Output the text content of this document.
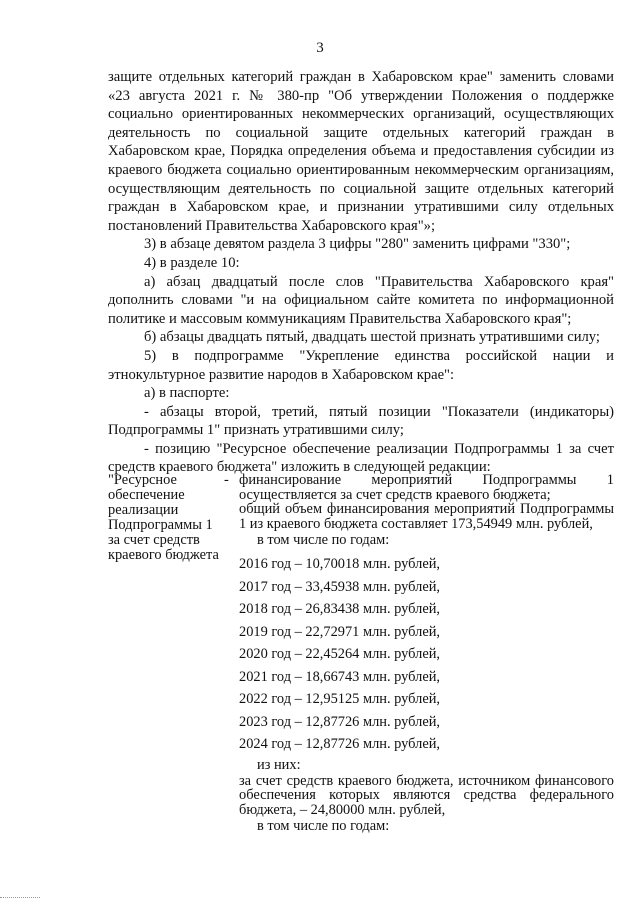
3

защите отдельных категорий граждан в Хабаровском крае" заменить словами «23 августа 2021 г. № 380-пр "Об утверждении Положения о поддержке социально ориентированных некоммерческих организаций, осуществляющих деятельность по социальной защите отдельных категорий граждан в Хабаровском крае, Порядка определения объема и предоставления субсидии из краевого бюджета социально ориентированным некоммерческим организациям, осуществляющим деятельность по социальной защите отдельных категорий граждан в Хабаровском крае, и признании утратившими силу отдельных постановлений Правительства Хабаровского края"»;

3) в абзаце девятом раздела 3 цифры "280" заменить цифрами "330";

4) в разделе 10:

а) абзац двадцатый после слов "Правительства Хабаровского края" дополнить словами "и на официальном сайте комитета по информационной политике и массовым коммуникациям Правительства Хабаровского края";

б) абзацы двадцать пятый, двадцать шестой признать утратившими силу;

5) в подпрограмме "Укрепление единства российской нации и этнокультурное развитие народов в Хабаровском крае":

а) в паспорте:

- абзацы второй, третий, пятый позиции "Показатели (индикаторы) Подпрограммы 1" признать утратившими силу;

- позицию "Ресурсное обеспечение реализации Подпрограммы 1 за счет средств краевого бюджета" изложить в следующей редакции:

"Ресурсное обеспечение реализации Подпрограммы 1 за счет средств краевого бюджета
- финансирование мероприятий Подпрограммы 1 осуществляется за счет средств краевого бюджета;

общий объем финансирования мероприятий Подпрограммы 1 из краевого бюджета составляет 173,54949 млн. рублей,

в том числе по годам:

2016 год – 10,70018 млн. рублей,
2017 год – 33,45938 млн. рублей,
2018 год – 26,83438 млн. рублей,
2019 год – 22,72971 млн. рублей,
2020 год – 22,45264 млн. рублей,
2021 год – 18,66743 млн. рублей,
2022 год – 12,95125 млн. рублей,
2023 год – 12,87726 млн. рублей,
2024 год – 12,87726 млн. рублей,

из них:

за счет средств краевого бюджета, источником финансового обеспечения которых являются средства федерального бюджета, – 24,80000 млн. рублей,

в том числе по годам:
